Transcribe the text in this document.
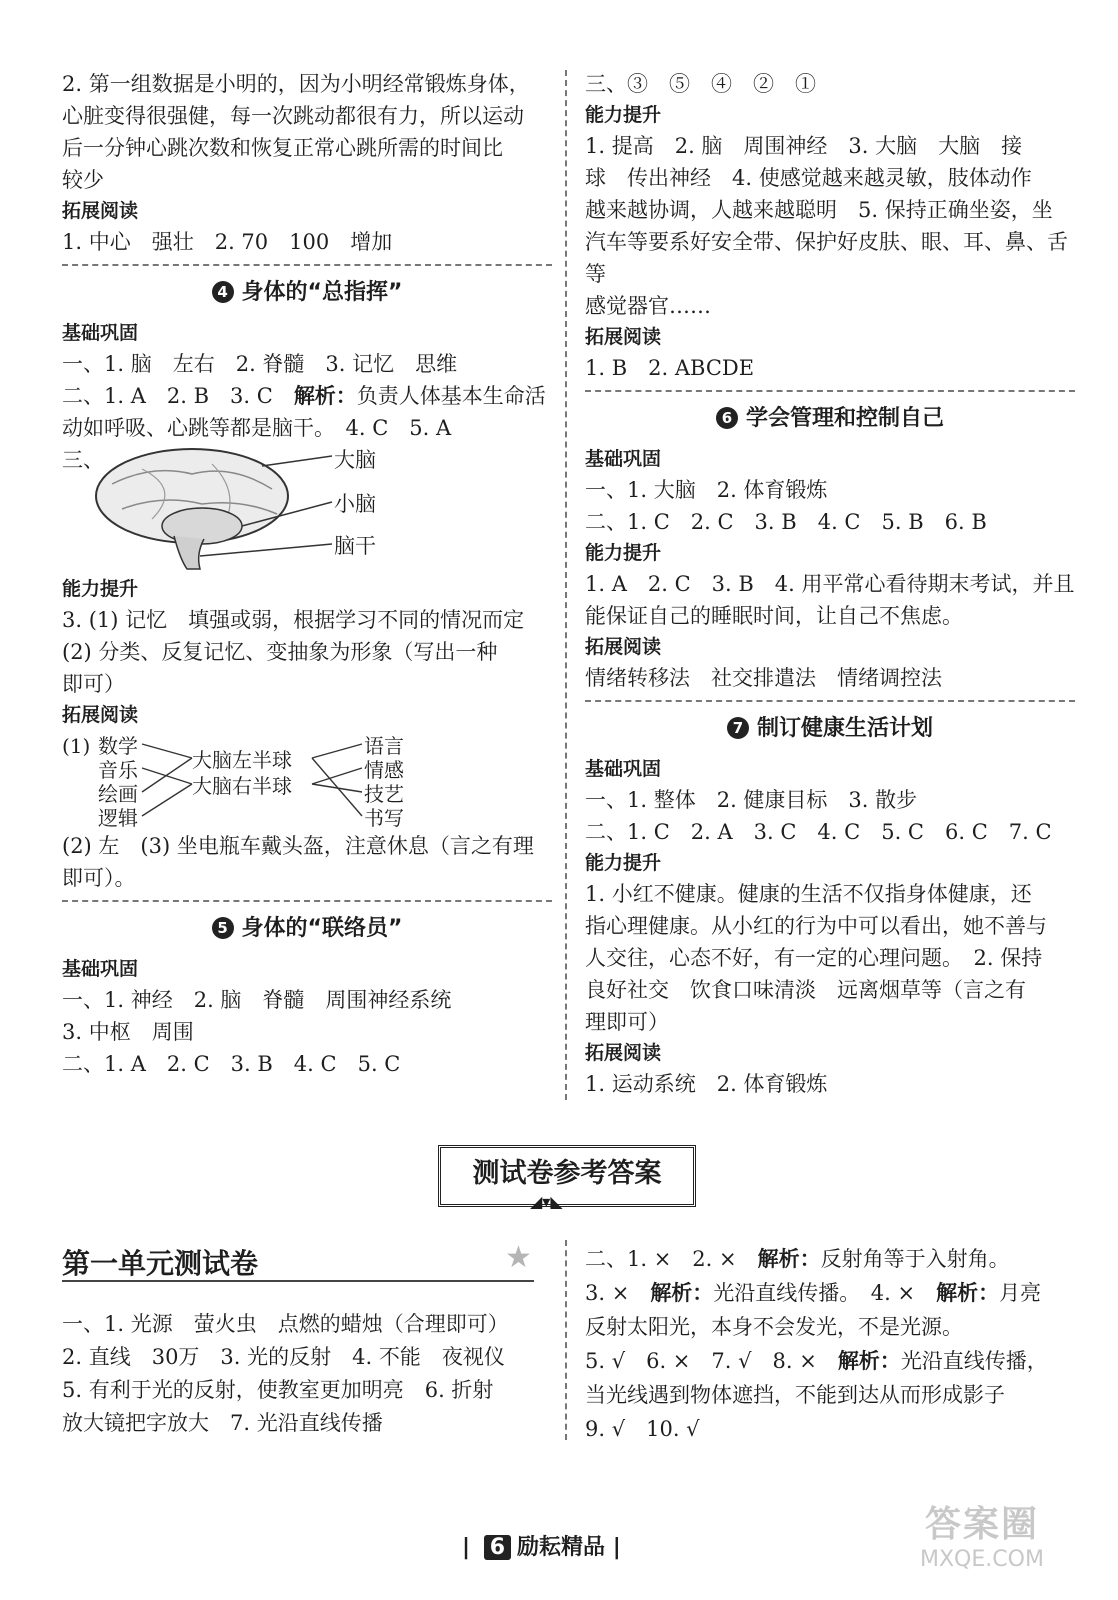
2. 第一组数据是小明的，因为小明经常锻炼身体，

心脏变得很强健，每一次跳动都很有力，所以运动

后一分钟心跳次数和恢复正常心跳所需的时间比

较少

拓展阅读

1. 中心　强壮　2. 70　100　增加

4 身体的“总指挥”

基础巩固

一、1. 脑　左右　2. 脊髓　3. 记忆　思维

二、1. A　2. B　3. C　解析：负责人体基本生命活

动如呼吸、心跳等都是脑干。　4. C　5. A

三、	大脑
小脑
脑干

能力提升

3. (1) 记忆　填强或弱，根据学习不同的情况而定

(2) 分类、反复记忆、变抽象为形象（写出一种

即可）

拓展阅读

(1) 数学
音乐
绘画
逻辑
大脑左半球
大脑右半球
语言
情感
技艺
书写

(2) 左　(3) 坐电瓶车戴头盔，注意休息（言之有理

即可）。

5 身体的“联络员”

基础巩固

一、1. 神经　2. 脑　脊髓　周围神经系统

3. 中枢　周围

二、1. A　2. C　3. B　4. C　5. C

三、③　⑤　④　②　①

能力提升

1. 提高　2. 脑　周围神经　3. 大脑　大脑　接

球　传出神经　4. 使感觉越来越灵敏，肢体动作

越来越协调，人越来越聪明　5. 保持正确坐姿，坐

汽车等要系好安全带、保护好皮肤、眼、耳、鼻、舌等

感觉器官……

拓展阅读

1. B　2. ABCDE

6 学会管理和控制自己

基础巩固

一、1. 大脑　2. 体育锻炼

二、1. C　2. C　3. B　4. C　5. B　6. B

能力提升

1. A　2. C　3. B　4. 用平常心看待期末考试，并且

能保证自己的睡眠时间，让自己不焦虑。

拓展阅读

情绪转移法　社交排遣法　情绪调控法

7 制订健康生活计划

基础巩固

一、1. 整体　2. 健康目标　3. 散步

二、1. C　2. A　3. C　4. C　5. C　6. C　7. C

能力提升

1. 小红不健康。健康的生活不仅指身体健康，还

指心理健康。从小红的行为中可以看出，她不善与

人交往，心态不好，有一定的心理问题。　2. 保持

良好社交　饮食口味清淡　远离烟草等（言之有

理即可）

拓展阅读

1. 运动系统　2. 体育锻炼

测试卷参考答案
◢▾◣
第一单元测试卷	★

一、1. 光源　萤火虫　点燃的蜡烛（合理即可）

2. 直线　30万　3. 光的反射　4. 不能　夜视仪

5. 有利于光的反射，使教室更加明亮　6. 折射

放大镜把字放大　7. 光沿直线传播

二、1. ×　2. ×　解析：反射角等于入射角。

3. ×　解析：光沿直线传播。　4. ×　解析：月亮

反射太阳光，本身不会发光，不是光源。

5. √　6. ×　7. √　8. ×　解析：光沿直线传播，

当光线遇到物体遮挡，不能到达从而形成影子

9. √　10. √

| 6 励耘精品 |
答案圈
MXQE.COM
